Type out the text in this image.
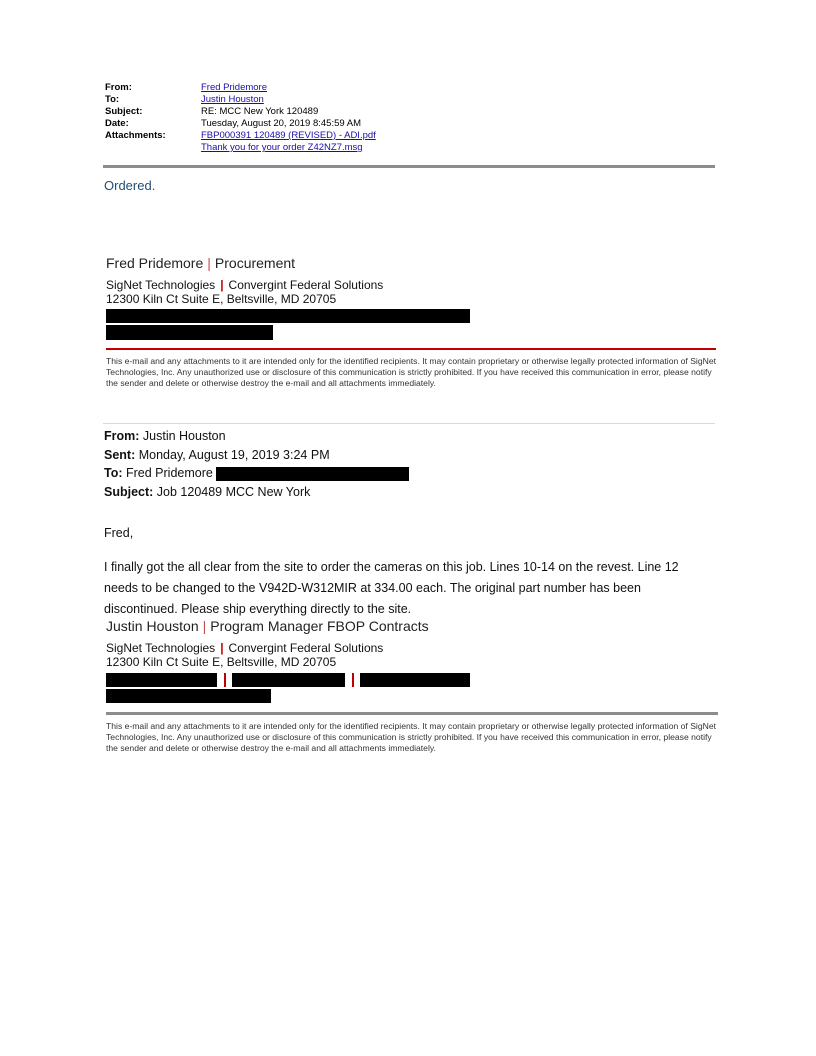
From:	Fred Pridemore
To:	Justin Houston
Subject:	RE: MCC New York 120489
Date:	Tuesday, August 20, 2019 8:45:59 AM
Attachments:	FBP000391 120489 (REVISED) - ADI.pdf
Thank you for your order Z42NZ7.msg
Ordered.
Fred Pridemore | Procurement
SigNet Technologies | Convergint Federal Solutions
12300 Kiln Ct Suite E, Beltsville, MD 20705
This e-mail and any attachments to it are intended only for the identified recipients. It may contain proprietary or otherwise legally protected information of SigNet Technologies, Inc. Any unauthorized use or disclosure of this communication is strictly prohibited. If you have received this communication in error, please notify the sender and delete or otherwise destroy the e-mail and all attachments immediately.
From: Justin Houston
Sent: Monday, August 19, 2019 3:24 PM
To: Fred Pridemore
Subject: Job 120489 MCC New York
Fred,
I finally got the all clear from the site to order the cameras on this job. Lines 10-14 on the revest. Line 12 needs to be changed to the V942D-W312MIR at 334.00 each. The original part number has been discontinued. Please ship everything directly to the site.
Justin Houston | Program Manager FBOP Contracts
SigNet Technologies | Convergint Federal Solutions
12300 Kiln Ct Suite E, Beltsville, MD 20705
This e-mail and any attachments to it are intended only for the identified recipients. It may contain proprietary or otherwise legally protected information of SigNet Technologies, Inc. Any unauthorized use or disclosure of this communication is strictly prohibited. If you have received this communication in error, please notify the sender and delete or otherwise destroy the e-mail and all attachments immediately.
